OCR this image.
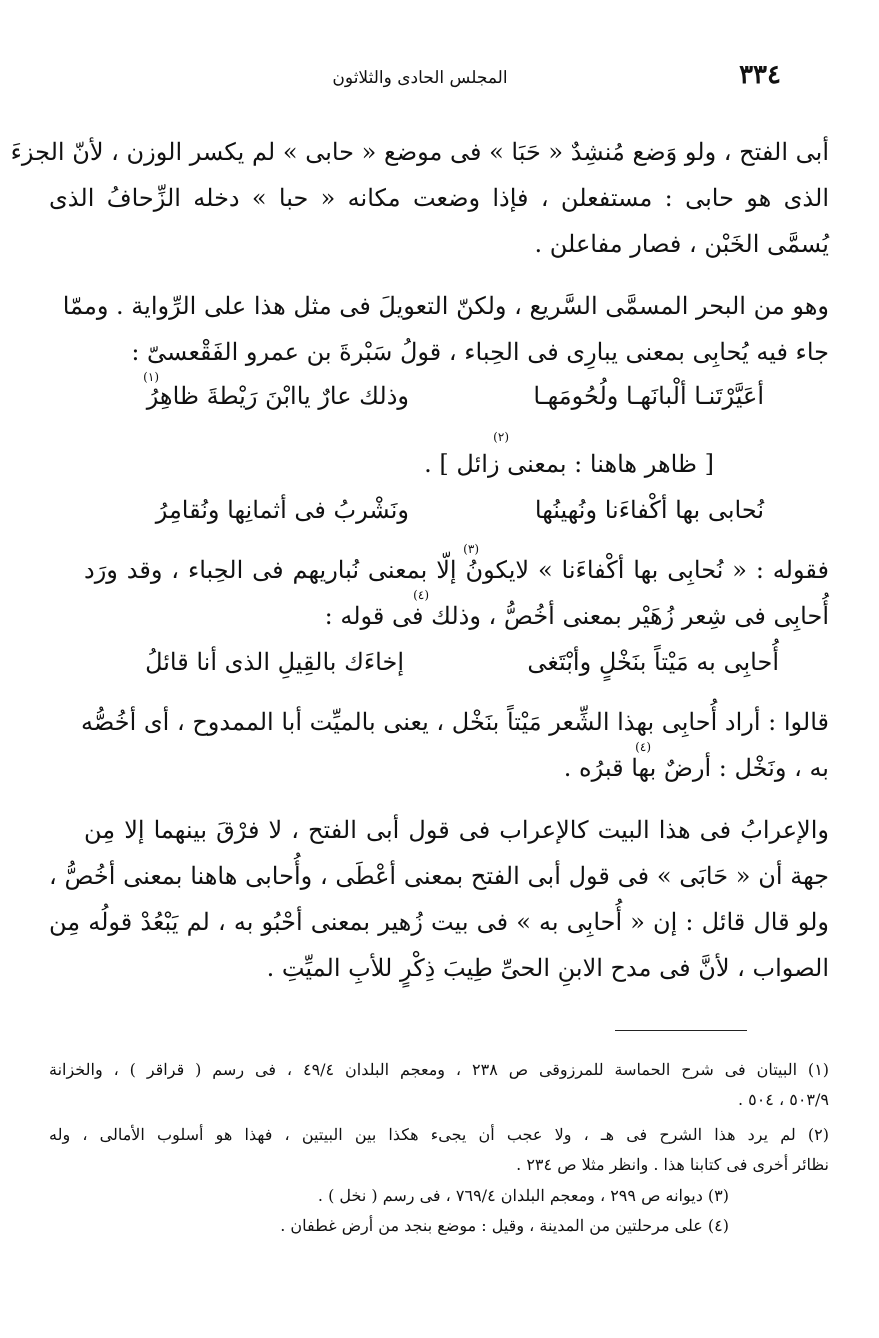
٣٣٤
المجلس الحادى والثلاثون
أبى الفتح ، ولو وَضع مُنشِدٌ « حَبَا » فى موضع « حابى » لم يكسر الوزن ، لأنّ الجزءَ
الذى هو حابى : مستفعلن ، فإذا وضعت مكانه « حبا » دخله الزِّحافُ الذى
يُسمَّى الخَبْن ، فصار مفاعلن .
وهو من البحر المسمَّى السَّريع ، ولكنّ التعويلَ فى مثل هذا على الرِّواية . وممّا
جاء فيه يُحابِى بمعنى يبارِى فى الحِباء ، قولُ سَبْرةَ بن عمرو الفَقْعسىّ :
أعَيَّرْتَنـا ألْبانَهـا ولُحُومَهـا
وذلك عارٌ ياابْنَ رَيْطةَ ظاهِرُ
(١)
[ ظاهر هاهنا : بمعنى زائل ] .
(٢)
نُحابى بها أكْفاءَنا ونُهينُها
ونَشْربُ فى أثمانِها ونُقامِرُ
فقوله : « نُحابِى بها أكْفاءَنا » لايكونُ إلّا بمعنى نُباريهم فى الحِباء ، وقد ورَد
أُحابِى فى شِعر زُهَيْر بمعنى أخُصُّ ، وذلك فى قوله :
(٣)
(٤)
أُحابِى به مَيْتاً بنَخْلٍ وأبْتَغى
إخاءَك بالقِيلِ الذى أنا قائلُ
قالوا : أراد أُحابِى بهذا الشِّعر مَيْتاً بنَخْل ، يعنى بالميِّت أبا الممدوح ، أى أخُصُّه
به ، ونَخْل : أرضٌ بها قبرُه .
(٤)
والإعرابُ فى هذا البيت كالإعراب فى قول أبى الفتح ، لا فرْقَ بينهما إلا مِن
جهة أن « حَابَى » فى قول أبى الفتح بمعنى أعْطَى ، وأُحابى هاهنا بمعنى أخُصُّ ،
ولو قال قائل : إن « أُحابِى به » فى بيت زُهير بمعنى أحْبُو به ، لم يَبْعُدْ قولُه مِن
الصواب ، لأنَّ فى مدح الابنِ الحىِّ طِيبَ ذِكْرٍ للأبِ الميِّتِ .
(١) البيتان فى شرح الحماسة للمرزوقى ص ٢٣٨ ، ومعجم البلدان ٤٩/٤ ، فى رسم ( قراقر ) ، والخزانة
٥٠٣/٩ ، ٥٠٤ .
(٢) لم يرد هذا الشرح فى هـ ، ولا عجب أن يجىء هكذا بين البيتين ، فهذا هو أسلوب الأمالى ، وله
نظائر أخرى فى كتابنا هذا . وانظر مثلا ص ٢٣٤ .
(٣) ديوانه ص ٢٩٩ ، ومعجم البلدان ٧٦٩/٤ ، فى رسم ( نخل ) .
(٤) على مرحلتين من المدينة ، وقيل : موضع بنجد من أرض غطفان .
